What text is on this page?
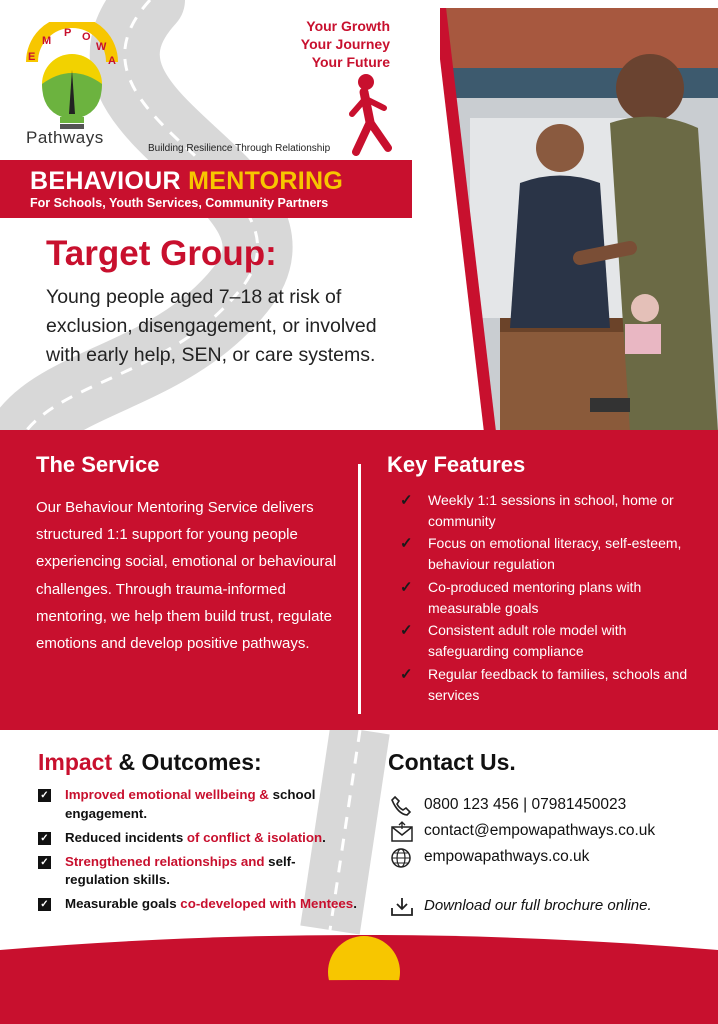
E
M
P O
W
A
Pathways
Your Growth
Your Journey
Your Future
Building Resilience Through Relationship
BEHAVIOUR MENTORING
For Schools, Youth Services, Community Partners
Target Group:
Young people aged 7–18 at risk of exclusion, disengagement, or involved with early help, SEN, or care systems.
The Service
Our Behaviour Mentoring Service delivers structured 1:1 support for young people experiencing social, emotional or behavioural challenges. Through trauma-informed mentoring, we help them build trust, regulate emotions and develop positive pathways.
Key Features
✓ Weekly 1:1 sessions in school, home or community
✓ Focus on emotional literacy, self-esteem, behaviour regulation
✓ Co-produced mentoring plans with measurable goals
✓ Consistent adult role model with safeguarding compliance
✓ Regular feedback to families, schools and services
Impact & Outcomes:
✓ Improved emotional wellbeing & school engagement.
✓ Reduced incidents of conflict & isolation.
✓ Strengthened relationships and self-regulation skills.
✓ Measurable goals co-developed with Mentees.
Contact Us.
0800 123 456 | 07981450023
contact@empowapathways.co.uk
empowapathways.co.uk
Download our full brochure online.
